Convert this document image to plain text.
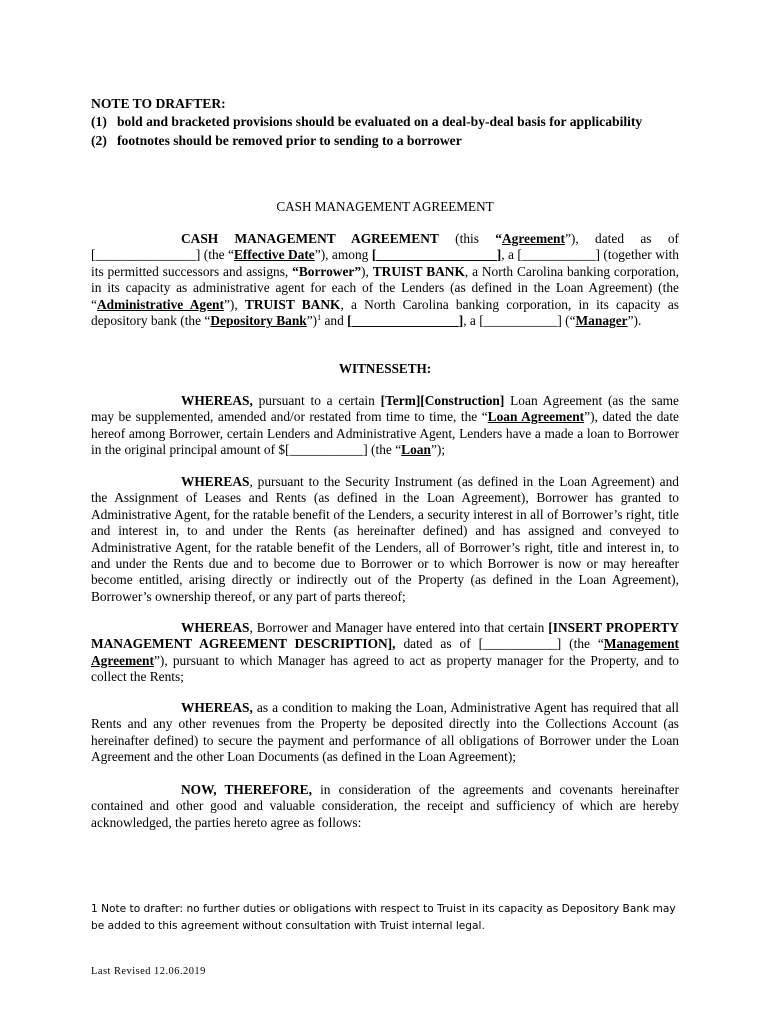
NOTE TO DRAFTER:

(1) bold and bracketed provisions should be evaluated on a deal-by-deal basis for applicability
(2) footnotes should be removed prior to sending to a borrower
CASH MANAGEMENT AGREEMENT

CASH MANAGEMENT AGREEMENT (this “Agreement”), dated as of [_______________] (the “Effective Date”), among [__________________], a [___________] (together with its permitted successors and assigns, “Borrower”), TRUIST BANK, a North Carolina banking corporation, in its capacity as administrative agent for each of the Lenders (as defined in the Loan Agreement) (the “Administrative Agent”), TRUIST BANK, a North Carolina banking corporation, in its capacity as depository bank (the “Depository Bank”)$^1$ and [________________], a [___________] (“Manager”).

WITNESSETH:

WHEREAS, pursuant to a certain [Term][Construction] Loan Agreement (as the same may be supplemented, amended and/or restated from time to time, the “Loan Agreement”), dated the date hereof among Borrower, certain Lenders and Administrative Agent, Lenders have a made a loan to Borrower in the original principal amount of $[___________] (the “Loan”);

WHEREAS, pursuant to the Security Instrument (as defined in the Loan Agreement) and the Assignment of Leases and Rents (as defined in the Loan Agreement), Borrower has granted to Administrative Agent, for the ratable benefit of the Lenders, a security interest in all of Borrower’s right, title and interest in, to and under the Rents (as hereinafter defined) and has assigned and conveyed to Administrative Agent, for the ratable benefit of the Lenders, all of Borrower’s right, title and interest in, to and under the Rents due and to become due to Borrower or to which Borrower is now or may hereafter become entitled, arising directly or indirectly out of the Property (as defined in the Loan Agreement), Borrower’s ownership thereof, or any part of parts thereof;

WHEREAS, Borrower and Manager have entered into that certain [INSERT PROPERTY MANAGEMENT AGREEMENT DESCRIPTION], dated as of [___________] (the “Management Agreement”), pursuant to which Manager has agreed to act as property manager for the Property, and to collect the Rents;

WHEREAS, as a condition to making the Loan, Administrative Agent has required that all Rents and any other revenues from the Property be deposited directly into the Collections Account (as hereinafter defined) to secure the payment and performance of all obligations of Borrower under the Loan Agreement and the other Loan Documents (as defined in the Loan Agreement);

NOW, THEREFORE, in consideration of the agreements and covenants hereinafter contained and other good and valuable consideration, the receipt and sufficiency of which are hereby acknowledged, the parties hereto agree as follows:

1 Note to drafter: no further duties or obligations with respect to Truist in its capacity as Depository Bank may be added to this agreement without consultation with Truist internal legal.
Last Revised 12.06.2019
